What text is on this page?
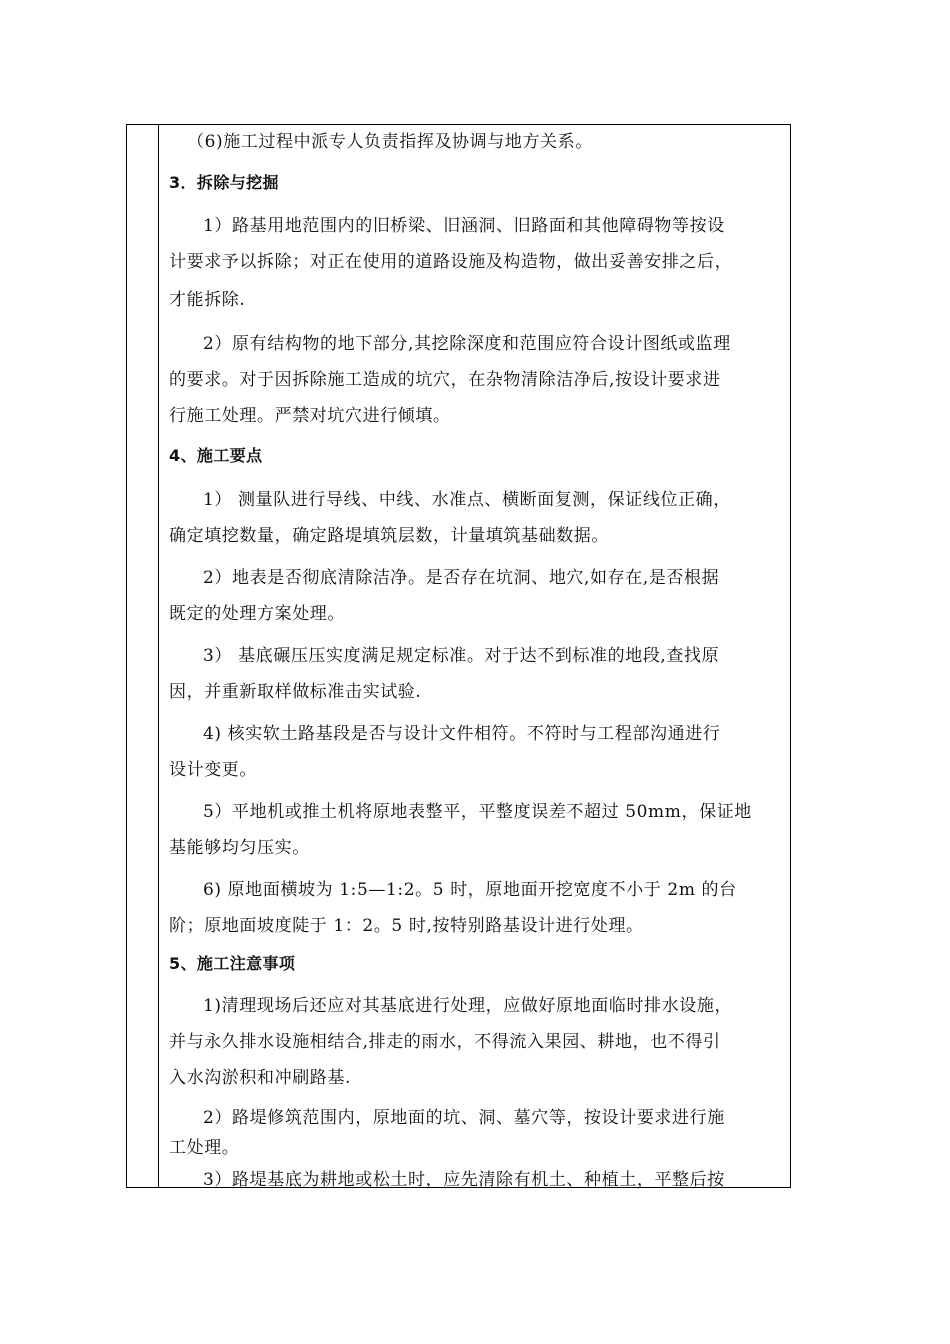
（6)施工过程中派专人负责指挥及协调与地方关系。
3．拆除与挖掘
1）路基用地范围内的旧桥梁、旧涵洞、旧路面和其他障碍物等按设
计要求予以拆除；对正在使用的道路设施及构造物，做出妥善安排之后，
才能拆除.
2）原有结构物的地下部分,其挖除深度和范围应符合设计图纸或监理
的要求。对于因拆除施工造成的坑穴，在杂物清除洁净后,按设计要求进
行施工处理。严禁对坑穴进行倾填。
4、施工要点
1） 测量队进行导线、中线、水准点、横断面复测，保证线位正确，
确定填挖数量，确定路堤填筑层数，计量填筑基础数据。
2）地表是否彻底清除洁净。是否存在坑洞、地穴,如存在,是否根据
既定的处理方案处理。
3） 基底碾压压实度满足规定标准。对于达不到标准的地段,查找原
因，并重新取样做标准击实试验.
4) 核实软土路基段是否与设计文件相符。不符时与工程部沟通进行
设计变更。
5）平地机或推土机将原地表整平，平整度误差不超过 50mm，保证地
基能够均匀压实。
6) 原地面横坡为 1:5—1:2。5 时，原地面开挖宽度不小于 2m 的台
阶；原地面坡度陡于 1：2。5 时,按特别路基设计进行处理。
5、施工注意事项
1)清理现场后还应对其基底进行处理，应做好原地面临时排水设施，
并与永久排水设施相结合,排走的雨水，不得流入果园、耕地，也不得引
入水沟淤积和冲刷路基.
2）路堤修筑范围内，原地面的坑、洞、墓穴等，按设计要求进行施
工处理。
3）路堤基底为耕地或松土时，应先清除有机土、种植土，平整后按
